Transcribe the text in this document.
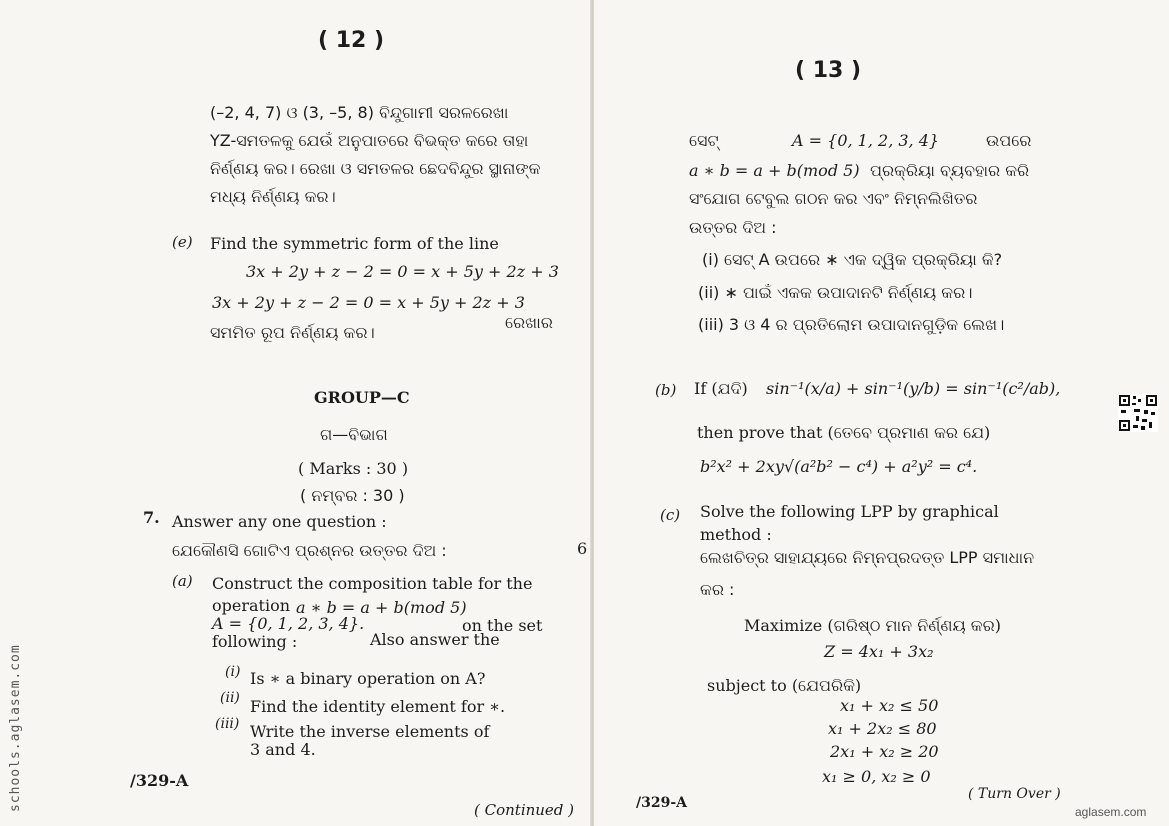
( 12 )
(–2, 4, 7) ଓ (3, –5, 8) ବିନ୍ଦୁଗାମୀ ସରଳରେଖା
YZ-ସମତଳକୁ ଯେଉଁ ଅନୁପାତରେ ବିଭକ୍ତ କରେ ତାହା
ନିର୍ଣ୍ଣୟ କର। ରେଖା ଓ ସମତଳର ଛେଦବିନ୍ଦୁର ସ୍ଥାନାଙ୍କ
ମଧ୍ୟ ନିର୍ଣ୍ଣୟ କର।
(e) Find the symmetric form of the line
3x + 2y + z − 2 = 0 = x + 5y + 2z + 3
3x + 2y + z − 2 = 0 = x + 5y + 2z + 3
ରେଖାର
ସମମିତ ରୂପ ନିର୍ଣ୍ଣୟ କର।
GROUP—C
ଗ—ବିଭାଗ
( Marks : 30 )
( ନମ୍ବର : 30 )
7. Answer any one question :
ଯେକୌଣସି ଗୋଟିଏ ପ୍ରଶ୍ନର ଉତ୍ତର ଦିଅ :	6
(a) Construct the composition table for the
operation a ∗ b = a + b(mod 5)
on the set
A = {0, 1, 2, 3, 4}.
Also answer the
following :
(i) Is ∗ a binary operation on A?
(ii) Find the identity element for ∗.
(iii) Write the inverse elements of
3 and 4.
/329-A
( Continued )
( 13 )
ସେଟ୍	A = {0, 1, 2, 3, 4}	ଉପରେ
a ∗ b = a + b(mod 5) ପ୍ରକ୍ରିୟା ବ୍ୟବହାର କରି
ସଂଯୋଗ ଟେବୁଲ ଗଠନ କର ଏବଂ ନିମ୍ନଲିଖିତର
ଉତ୍ତର ଦିଅ :
(i) ସେଟ୍ A ଉପରେ ∗ ଏକ ଦ୍ୱିକ ପ୍ରକ୍ରିୟା କି?
(ii) ∗ ପାଇଁ ଏକକ ଉପାଦାନଟି ନିର୍ଣ୍ଣୟ କର।
(iii) 3 ଓ 4 ର ପ୍ରତିଲୋମ ଉପାଦାନଗୁଡ଼ିକ ଲେଖ।
(b) If (ଯଦି) sin⁻¹(x/a) + sin⁻¹(y/b) = sin⁻¹(c²/ab),
then prove that (ତେବେ ପ୍ରମାଣ କର ଯେ)
b²x² + 2xy√(a²b² − c⁴) + a²y² = c⁴.
(c) Solve the following LPP by graphical
method :
ଲେଖଚିତ୍ର ସାହାଯ୍ୟରେ ନିମ୍ନପ୍ରଦତ୍ତ LPP ସମାଧାନ
କର :
Maximize (ଗରିଷ୍ଠ ମାନ ନିର୍ଣ୍ଣୟ କର)
Z = 4x₁ + 3x₂
subject to (ଯେପରିକି)
x₁ + x₂ ≤ 50
x₁ + 2x₂ ≤ 80
2x₁ + x₂ ≥ 20
x₁ ≥ 0, x₂ ≥ 0
/329-A
( Turn Over )
schools.aglasem.com	aglasem.com
